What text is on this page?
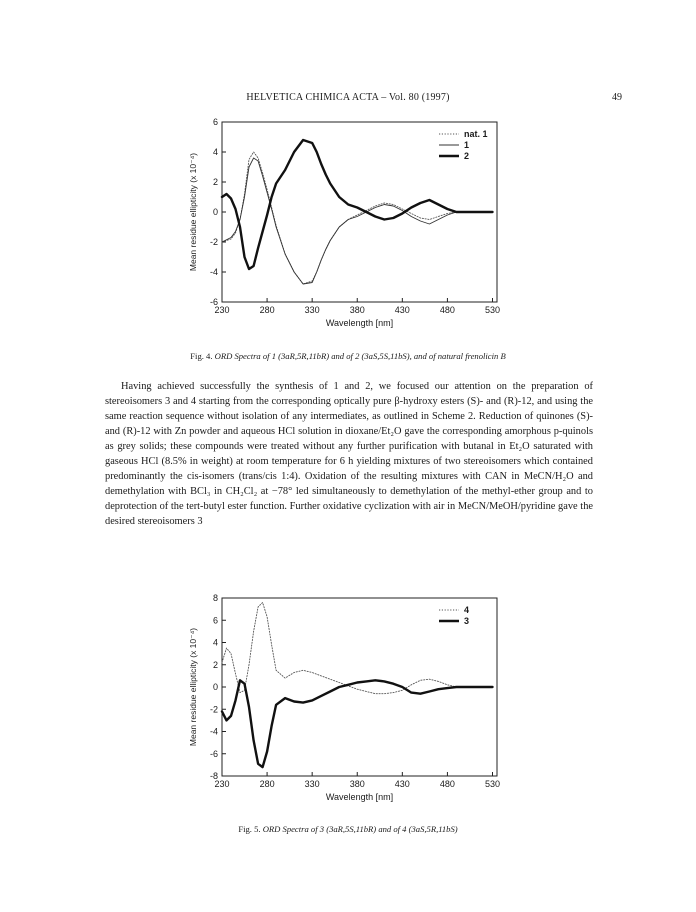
HELVETICA CHIMICA ACTA – Vol. 80 (1997)	49
6
4
2
0
-2
-4
-6
230	280	330	380	430	480	530
Wavelength [nm]
Mean residue ellipticity (x 10⁻⁴)
nat. 1
1
2
Fig. 4. ORD Spectra of 1 (3aR,5R,11bR) and of 2 (3aS,5S,11bS), and of natural frenolicin B

Having achieved successfully the synthesis of 1 and 2, we focused our attention on the preparation of stereoisomers 3 and 4 starting from the corresponding optically pure β-hydroxy esters (S)- and (R)-12, and using the same reaction sequence without isolation of any intermediates, as outlined in Scheme 2. Reduction of quinones (S)- and (R)-12 with Zn powder and aqueous HCl solution in dioxane/Et₂O gave the corresponding amorphous p-quinols as grey solids; these compounds were treated without any further purification with butanal in Et₂O saturated with gaseous HCl (8.5% in weight) at room temperature for 6 h yielding mixtures of two stereoisomers which contained predominantly the cis-isomers (trans/cis 1:4). Oxidation of the resulting mixtures with CAN in MeCN/H₂O and demethylation with BCl₃ in CH₂Cl₂ at −78° led simultaneously to demethylation of the methyl-ether group and to deprotection of the tert-butyl ester function. Further oxidative cyclization with air in MeCN/MeOH/pyridine gave the desired stereoisomers 3

8
6
4
2
0
-2
-4
-6
-8
230	280	330	380	430	480	530
Wavelength [nm]
Mean residue ellipticity (x 10⁻⁴)
4
3
Fig. 5. ORD Spectra of 3 (3aR,5S,11bR) and of 4 (3aS,5R,11bS)
